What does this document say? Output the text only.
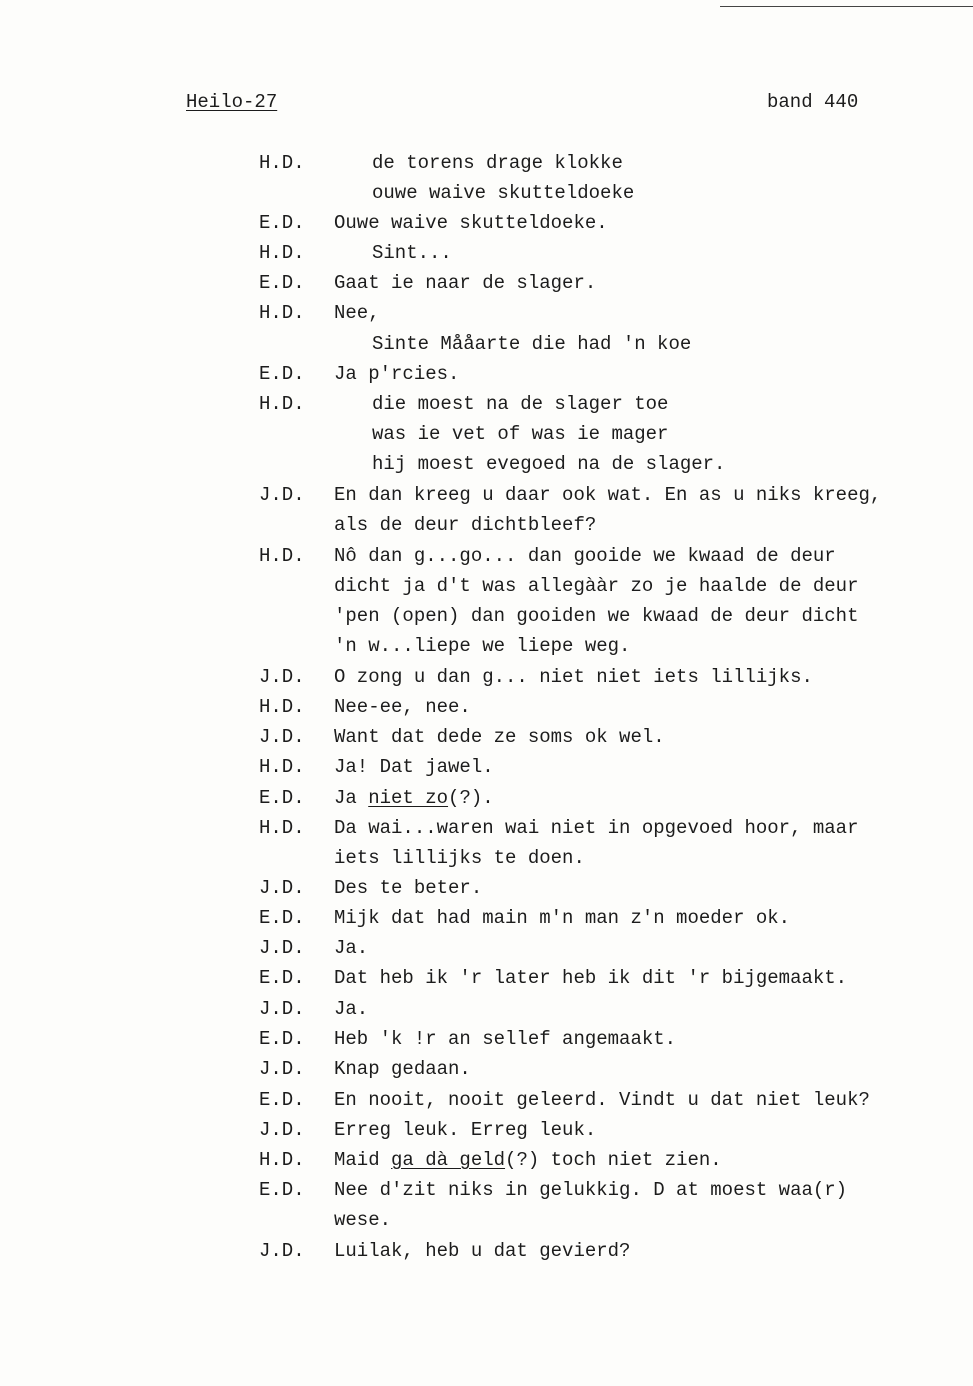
Heilo-27	band 440
H.D.	de torens drage klokke
ouwe waive skutteldoeke
E.D. Ouwe waive skutteldoeke.
H.D.	Sint...
E.D. Gaat ie naar de slager.
H.D. Nee,
Sinte Mååarte die had 'n koe
E.D. Ja p'rcies.
H.D.	die moest na de slager toe
was ie vet of was ie mager
hij moest evegoed na de slager.
J.D. En dan kreeg u daar ook wat. En as u niks kreeg,
als de deur dichtbleef?
H.D. Nô dan g...go... dan gooide we kwaad de deur
dicht ja d't was allegààr zo je haalde de deur
'pen (open) dan gooiden we kwaad de deur dicht
'n w...liepe we liepe weg.
J.D. O zong u dan g... niet niet iets lillijks.
H.D. Nee-ee, nee.
J.D. Want dat dede ze soms ok wel.
H.D. Ja! Dat jawel.
E.D. Ja niet zo(?).
H.D. Da wai...waren wai niet in opgevoed hoor, maar
iets lillijks te doen.
J.D. Des te beter.
E.D. Mijk dat had main m'n man z'n moeder ok.
J.D. Ja.
E.D. Dat heb ik 'r later heb ik dit 'r bijgemaakt.
J.D. Ja.
E.D. Heb 'k !r an sellef angemaakt.
J.D. Knap gedaan.
E.D. En nooit, nooit geleerd. Vindt u dat niet leuk?
J.D. Erreg leuk. Erreg leuk.
H.D. Maid ga dà geld(?) toch niet zien.
E.D. Nee d'zit niks in gelukkig. D at moest waa(r)
wese.
J.D. Luilak, heb u dat gevierd?
